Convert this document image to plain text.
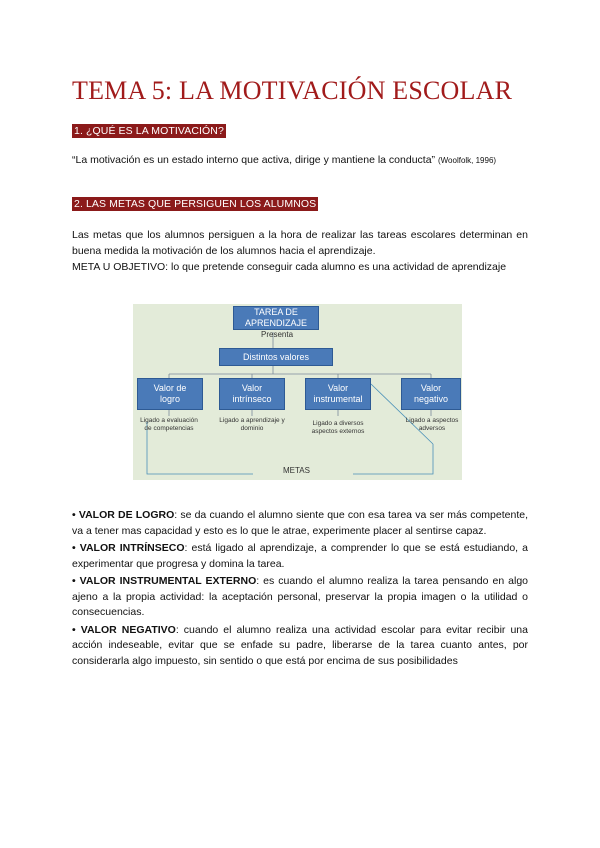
TEMA 5: LA MOTIVACIÓN ESCOLAR
1. ¿QUÉ ES LA MOTIVACIÓN?
“La motivación es un estado interno que activa, dirige y mantiene la conducta” (Woolfolk, 1996)
2. LAS METAS QUE PERSIGUEN LOS ALUMNOS

Las metas que los alumnos persiguen a la hora de realizar las tareas escolares determinan en buena medida la motivación de los alumnos hacia el aprendizaje.

META U OBJETIVO: lo que pretende conseguir cada alumno es una actividad de aprendizaje

TAREA DE APRENDIZAJE
Presenta
Distintos valores
Valor de
logro
Valor
intrínseco
Valor
instrumental
Valor
negativo
Ligado a evaluación de competencias
Ligado a aprendizaje y dominio
Ligado a diversos aspectos externos
Ligado a aspectos adversos
METAS

• VALOR DE LOGRO: se da cuando el alumno siente que con esa tarea va ser más competente, va a tener mas capacidad y esto es lo que le atrae, experimente placer al sentirse capaz.

• VALOR INTRÍNSECO: está ligado al aprendizaje, a comprender lo que se está estudiando, a experimentar que progresa y domina la tarea.

• VALOR INSTRUMENTAL EXTERNO: es cuando el alumno realiza la tarea pensando en algo ajeno a la propia actividad: la aceptación personal, preservar la propia imagen o la utilidad o consecuencias.

• VALOR NEGATIVO: cuando el alumno realiza una actividad escolar para evitar recibir una acción indeseable, evitar que se enfade su padre, liberarse de la tarea cuanto antes, por considerarla algo impuesto, sin sentido o que está por encima de sus posibilidades
